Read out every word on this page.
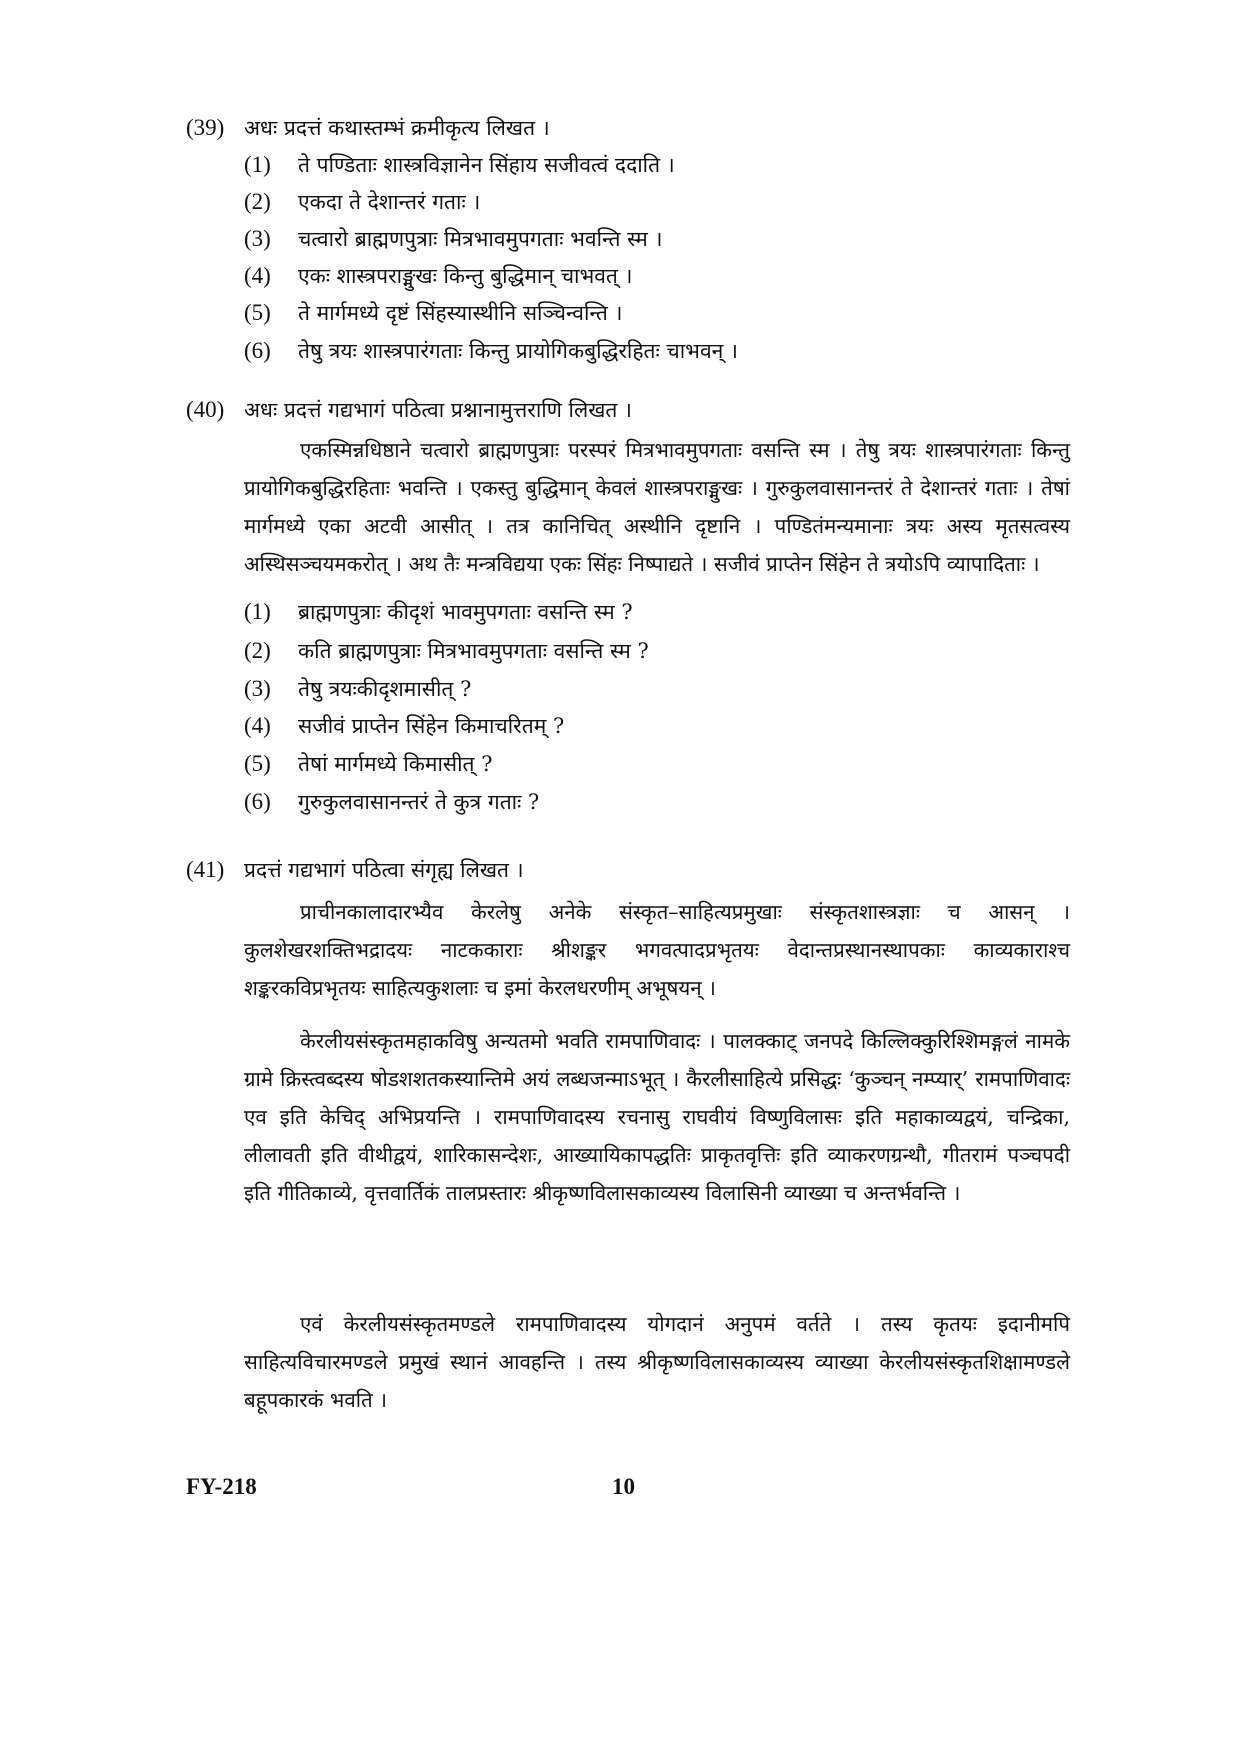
(39) अधः प्रदत्तं कथास्तम्भं क्रमीकृत्य लिखत ।
(1) ते पण्डिताः शास्त्रविज्ञानेन सिंहाय सजीवत्वं ददाति ।
(2) एकदा ते देशान्तरं गताः ।
(3) चत्वारो ब्राह्मणपुत्राः मित्रभावमुपगताः भवन्ति स्म ।
(4) एकः शास्त्रपराङ्मुखः किन्तु बुद्धिमान् चाभवत् ।
(5) ते मार्गमध्ये दृष्टं सिंहस्यास्थीनि सञ्चिन्वन्ति ।
(6) तेषु त्रयः शास्त्रपारंगताः किन्तु प्रायोगिकबुद्धिरहितः चाभवन् ।
(40) अधः प्रदत्तं गद्यभागं पठित्वा प्रश्नानामुत्तराणि लिखत ।

एकस्मिन्नधिष्ठाने चत्वारो ब्राह्मणपुत्राः परस्परं मित्रभावमुपगताः वसन्ति स्म । तेषु त्रयः शास्त्रपारंगताः किन्तु प्रायोगिकबुद्धिरहिताः भवन्ति । एकस्तु बुद्धिमान् केवलं शास्त्रपराङ्मुखः । गुरुकुलवासानन्तरं ते देशान्तरं गताः । तेषां मार्गमध्ये एका अटवी आसीत् । तत्र कानिचित् अस्थीनि दृष्टानि । पण्डितंमन्यमानाः त्रयः अस्य मृतसत्वस्य अस्थिसञ्चयमकरोत् । अथ तैः मन्त्रविद्यया एकः सिंहः निष्पाद्यते । सजीवं प्राप्तेन सिंहेन ते त्रयोऽपि व्यापादिताः ।

(1) ब्राह्मणपुत्राः कीदृशं भावमुपगताः वसन्ति स्म ?
(2) कति ब्राह्मणपुत्राः मित्रभावमुपगताः वसन्ति स्म ?
(3) तेषु त्रयःकीदृशमासीत् ?
(4) सजीवं प्राप्तेन सिंहेन किमाचरितम् ?
(5) तेषां मार्गमध्ये किमासीत् ?
(6) गुरुकुलवासानन्तरं ते कुत्र गताः ?
(41) प्रदत्तं गद्यभागं पठित्वा संगृह्य लिखत ।

प्राचीनकालादारभ्यैव केरलेषु अनेके संस्कृत–साहित्यप्रमुखाः संस्कृतशास्त्रज्ञाः च आसन् । कुलशेखरशक्तिभद्रादयः नाटककाराः श्रीशङ्कर भगवत्पादप्रभृतयः वेदान्तप्रस्थानस्थापकाः काव्यकाराश्च शङ्करकविप्रभृतयः साहित्यकुशलाः च इमां केरलधरणीम् अभूषयन् ।

केरलीयसंस्कृतमहाकविषु अन्यतमो भवति रामपाणिवादः । पालक्काट् जनपदे किल्लिक्कुरिश्शिमङ्गलं नामके ग्रामे क्रिस्त्वब्दस्य षोडशशतकस्यान्तिमे अयं लब्धजन्माऽभूत् । कैरलीसाहित्ये प्रसिद्धः ‘कुञ्चन् नम्प्यार्’ रामपाणिवादः एव इति केचिद् अभिप्रयन्ति । रामपाणिवादस्य रचनासु राघवीयं विष्णुविलासः इति महाकाव्यद्वयं, चन्द्रिका, लीलावती इति वीथीद्वयं, शारिकासन्देशः, आख्यायिकापद्धतिः प्राकृतवृत्तिः इति व्याकरणग्रन्थौ, गीतरामं पञ्चपदी इति गीतिकाव्ये, वृत्तवार्तिकं तालप्रस्तारः श्रीकृष्णविलासकाव्यस्य विलासिनी व्याख्या च अन्तर्भवन्ति ।

एवं केरलीयसंस्कृतमण्डले रामपाणिवादस्य योगदानं अनुपमं वर्तते । तस्य कृतयः इदानीमपि साहित्यविचारमण्डले प्रमुखं स्थानं आवहन्ति । तस्य श्रीकृष्णविलासकाव्यस्य व्याख्या केरलीयसंस्कृतशिक्षामण्डले बहूपकारकं भवति ।

FY-218	10
